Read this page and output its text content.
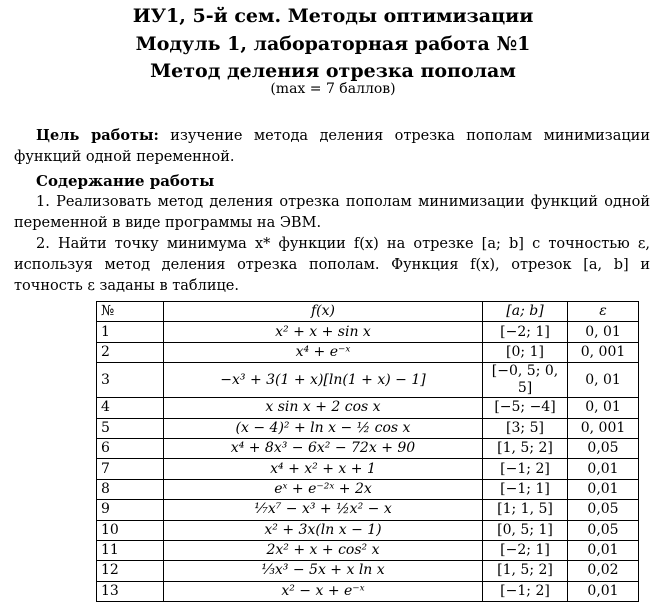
ИУ1, 5-й сем. Методы оптимизации
Модуль 1, лабораторная работа №1
Метод деления отрезка пополам
(max = 7 баллов)
Цель работы: изучение метода деления отрезка пополам минимизации функций одной переменной.
Содержание работы
1. Реализовать метод деления отрезка пополам минимизации функций одной переменной в виде программы на ЭВМ.
2. Найти точку минимума x* функции f(x) на отрезке [a; b] с точностью ε, используя метод деления отрезка пополам. Функция f(x), отрезок [a, b] и точность ε заданы в таблице.
№	f(x)	[a; b]	ε
1	x² + x + sin x	[−2; 1]	0, 01
2	x⁴ + e⁻ˣ	[0; 1]	0, 001
3	−x³ + 3(1 + x)[ln(1 + x) − 1]	[−0, 5; 0, 5]	0, 01
4	x sin x + 2 cos x	[−5; −4]	0, 01
5	(x − 4)² + ln x − ½ cos x	[3; 5]	0, 001
6	x⁴ + 8x³ − 6x² − 72x + 90	[1, 5; 2]	0,05
7	x⁴ + x² + x + 1	[−1; 2]	0,01
8	eˣ + e⁻²ˣ + 2x	[−1; 1]	0,01
9	⅐x⁷ − x³ + ½x² − x	[1; 1, 5]	0,05
10	x² + 3x(ln x − 1)	[0, 5; 1]	0,05
11	2x² + x + cos² x	[−2; 1]	0,01
12	⅓x³ − 5x + x ln x	[1, 5; 2]	0,02
13	x² − x + e⁻ˣ	[−1; 2]	0,01
